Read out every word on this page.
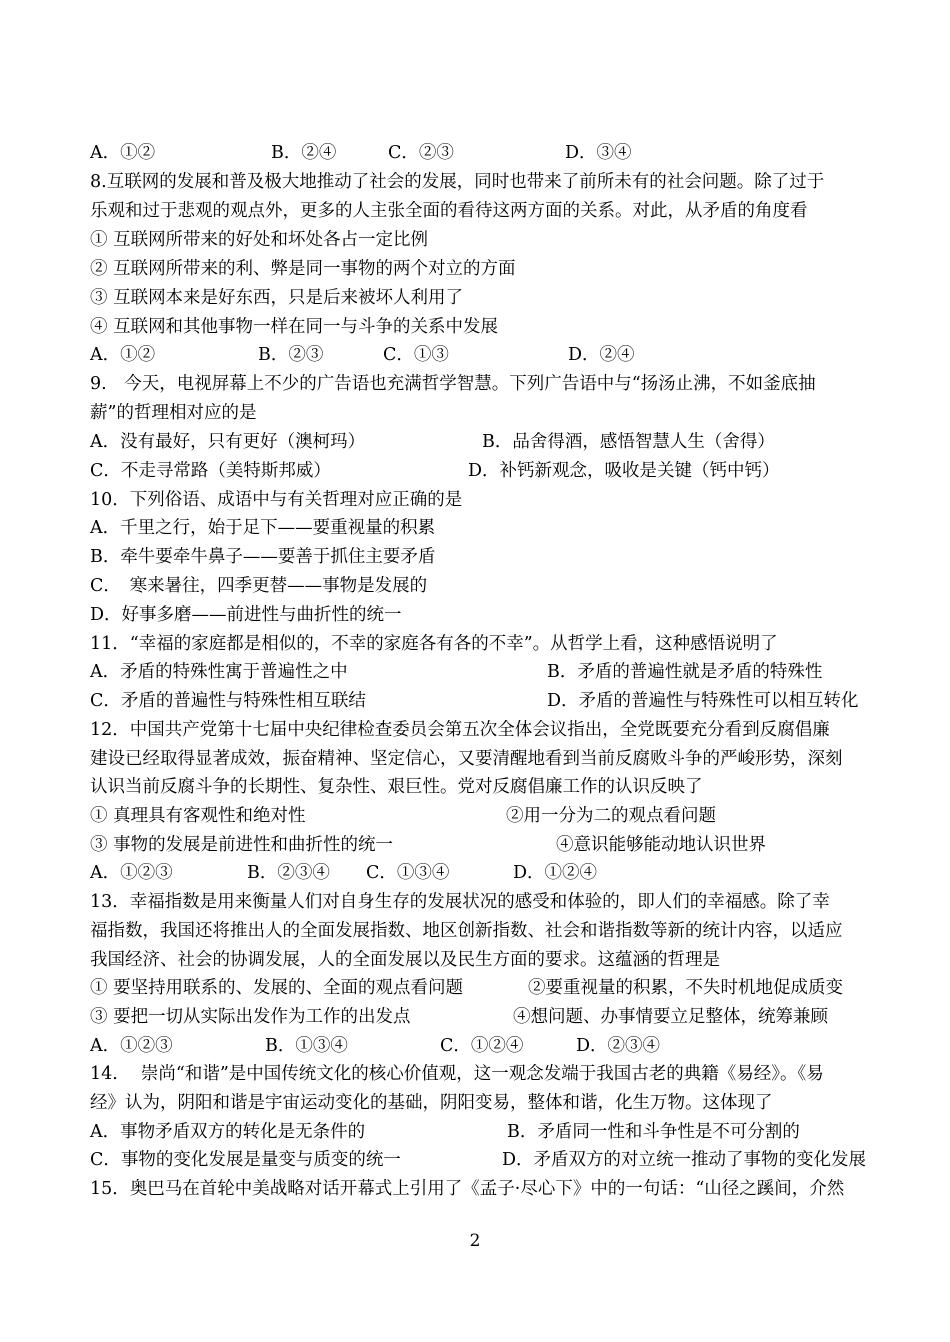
A．①②	B．②④	C．②③	D．③④
8.互联网的发展和普及极大地推动了社会的发展，同时也带来了前所未有的社会问题。除了过于
乐观和过于悲观的观点外，更多的人主张全面的看待这两方面的关系。对此，从矛盾的角度看
① 互联网所带来的好处和坏处各占一定比例
② 互联网所带来的利、弊是同一事物的两个对立的方面
③ 互联网本来是好东西，只是后来被坏人利用了
④ 互联网和其他事物一样在同一与斗争的关系中发展
A．①②	B．②③	C．①③	D．②④
9.　今天，电视屏幕上不少的广告语也充满哲学智慧。下列广告语中与“扬汤止沸，不如釜底抽
薪”的哲理相对应的是
A．没有最好，只有更好（澳柯玛）	B．品舍得酒，感悟智慧人生（舍得）
C．不走寻常路（美特斯邦威）	D．补钙新观念，吸收是关键（钙中钙）
10．下列俗语、成语中与有关哲理对应正确的是
A．千里之行，始于足下——要重视量的积累
B．牵牛要牵牛鼻子——要善于抓住主要矛盾
C．　寒来暑往，四季更替——事物是发展的
D．好事多磨——前进性与曲折性的统一
11．“幸福的家庭都是相似的，不幸的家庭各有各的不幸”。从哲学上看，这种感悟说明了
A．矛盾的特殊性寓于普遍性之中	B．矛盾的普遍性就是矛盾的特殊性
C．矛盾的普遍性与特殊性相互联结	D．矛盾的普遍性与特殊性可以相互转化
12．中国共产党第十七届中央纪律检查委员会第五次全体会议指出，全党既要充分看到反腐倡廉
建设已经取得显著成效，振奋精神、坚定信心，又要清醒地看到当前反腐败斗争的严峻形势，深刻
认识当前反腐斗争的长期性、复杂性、艰巨性。党对反腐倡廉工作的认识反映了
① 真理具有客观性和绝对性	②用一分为二的观点看问题
③ 事物的发展是前进性和曲折性的统一	④意识能够能动地认识世界
A．①②③	B．②③④ C．①③④	D．①②④
13．幸福指数是用来衡量人们对自身生存的发展状况的感受和体验的，即人们的幸福感。除了幸
福指数，我国还将推出人的全面发展指数、地区创新指数、社会和谐指数等新的统计内容，以适应
我国经济、社会的协调发展，人的全面发展以及民生方面的要求。这蕴涵的哲理是
① 要坚持用联系的、发展的、全面的观点看问题	②要重视量的积累，不失时机地促成质变
③ 要把一切从实际出发作为工作的出发点	④想问题、办事情要立足整体，统筹兼顾
A．①②③	B．①③④	C．①②④	D．②③④
14.　 崇尚“和谐”是中国传统文化的核心价值观，这一观念发端于我国古老的典籍《易经》。《易
经》认为，阴阳和谐是宇宙运动变化的基础，阴阳变易，整体和谐，化生万物。这体现了
A．事物矛盾双方的转化是无条件的	B．矛盾同一性和斗争性是不可分割的
C．事物的变化发展是量变与质变的统一	D．矛盾双方的对立统一推动了事物的变化发展
15．奥巴马在首轮中美战略对话开幕式上引用了《孟子·尽心下》中的一句话：“山径之蹊间，介然
2
